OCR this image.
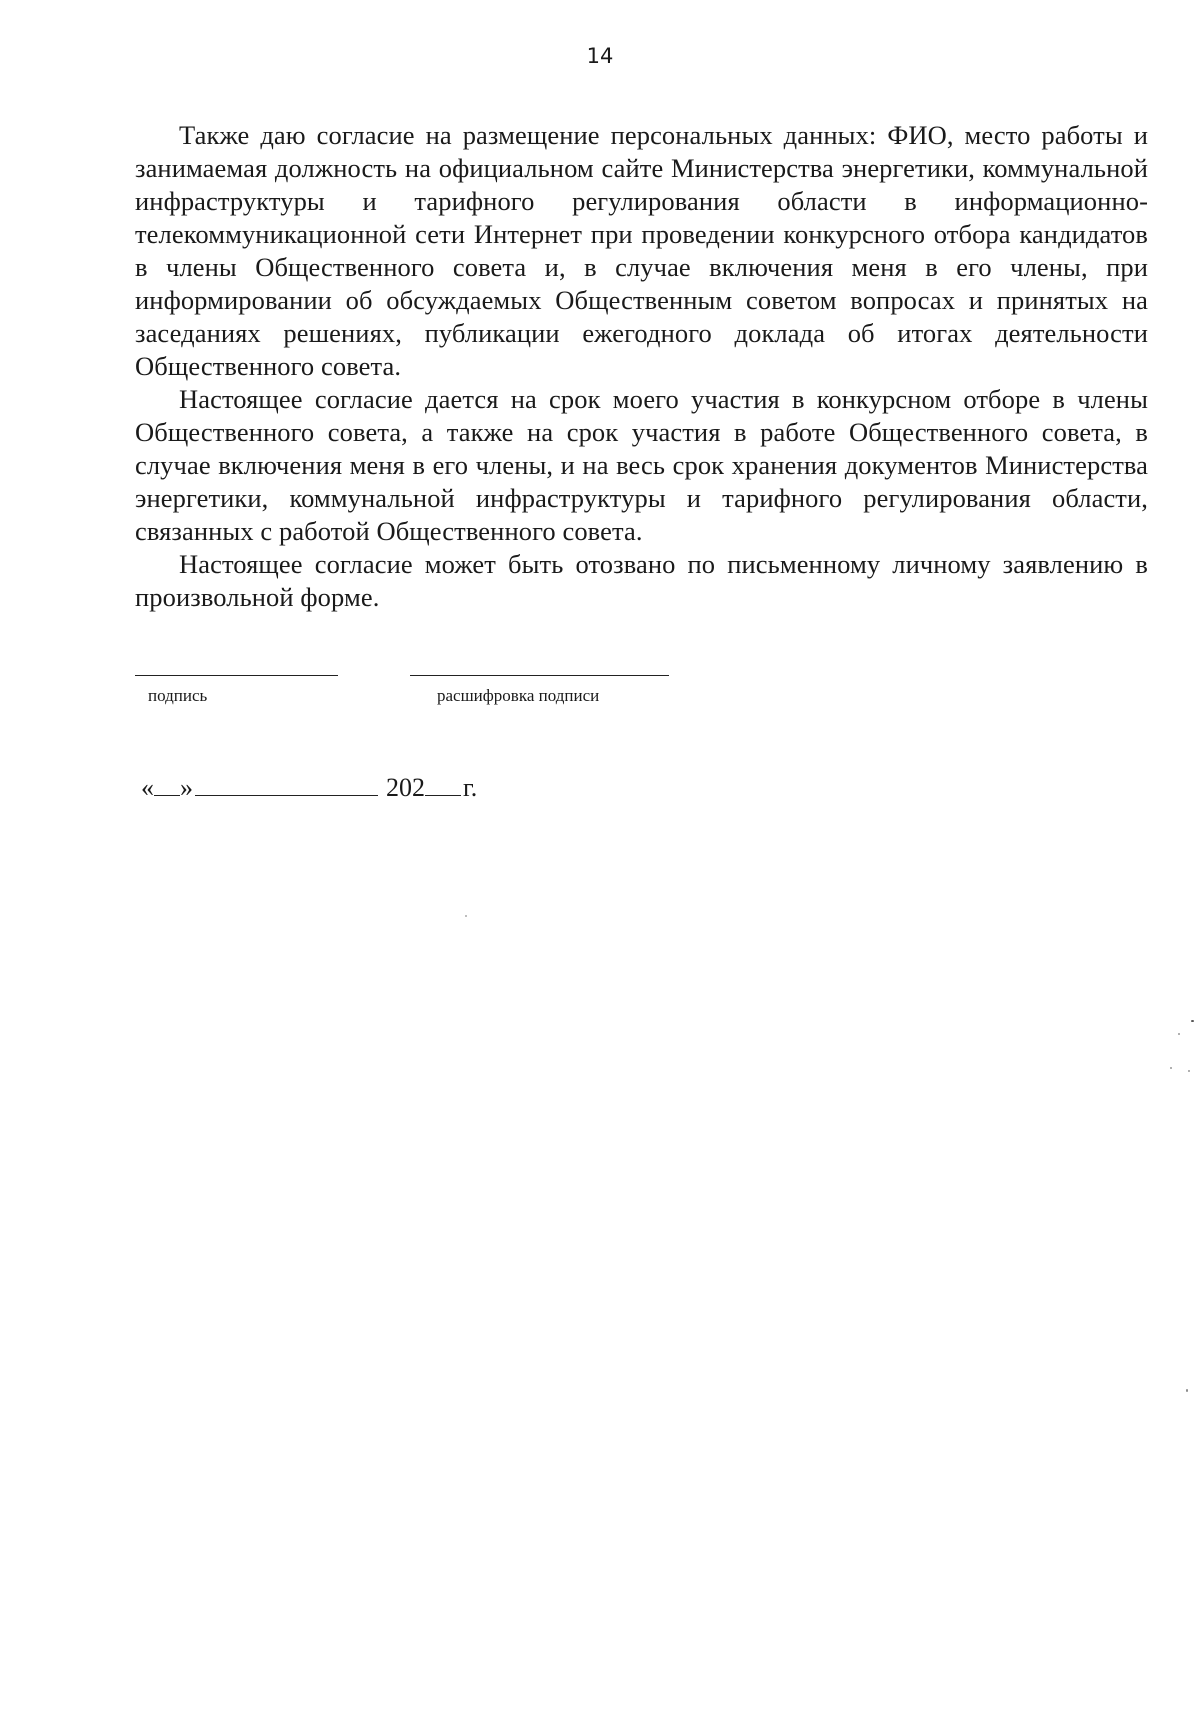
14

Также даю согласие на размещение персональных данных: ФИО, место работы и занимаемая должность на официальном сайте Министерства энергетики, коммунальной инфраструктуры и тарифного регулирования области в информационно-телекоммуникационной сети Интернет при проведении конкурсного отбора кандидатов в члены Общественного совета и, в случае включения меня в его члены, при информировании об обсуждаемых Общественным советом вопросах и принятых на заседаниях решениях, публикации ежегодного доклада об итогах деятельности Общественного совета.

Настоящее согласие дается на срок моего участия в конкурсном отборе в члены Общественного совета, а также на срок участия в работе Общественного совета, в случае включения меня в его члены, и на весь срок хранения документов Министерства энергетики, коммунальной инфраструктуры и тарифного регулирования области, связанных с работой Общественного совета.

Настоящее согласие может быть отозвано по письменному личному заявлению в произвольной форме.

подпись	расшифровка подписи
« »	202 г.
